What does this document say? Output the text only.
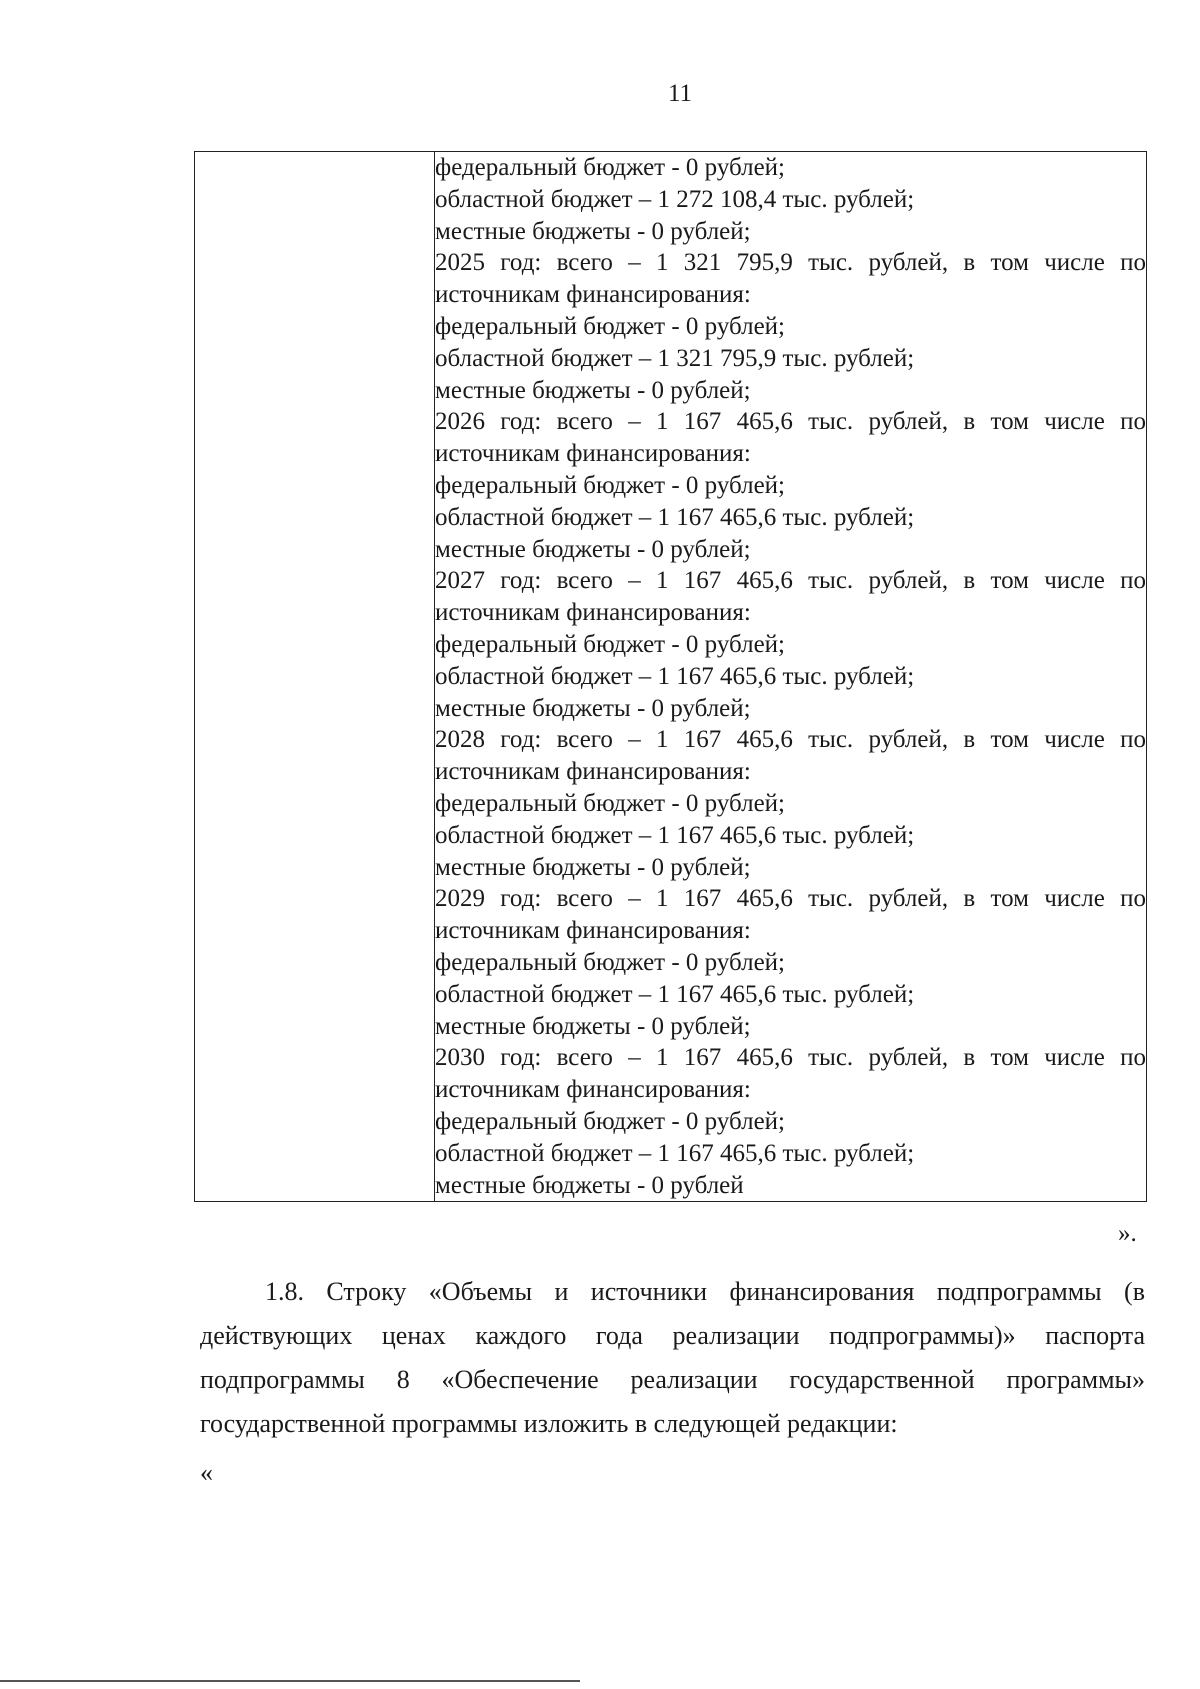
11

федеральный бюджет - 0 рублей;
областной бюджет – 1 272 108,4 тыс. рублей;
местные бюджеты - 0 рублей;
2025 год: всего – 1 321 795,9 тыс. рублей, в том числе по
источникам финансирования:
федеральный бюджет - 0 рублей;
областной бюджет – 1 321 795,9 тыс. рублей;
местные бюджеты - 0 рублей;
2026 год: всего – 1 167 465,6 тыс. рублей, в том числе по
источникам финансирования:
федеральный бюджет - 0 рублей;
областной бюджет – 1 167 465,6 тыс. рублей;
местные бюджеты - 0 рублей;
2027 год: всего – 1 167 465,6 тыс. рублей, в том числе по
источникам финансирования:
федеральный бюджет - 0 рублей;
областной бюджет – 1 167 465,6 тыс. рублей;
местные бюджеты - 0 рублей;
2028 год: всего – 1 167 465,6 тыс. рублей, в том числе по
источникам финансирования:
федеральный бюджет - 0 рублей;
областной бюджет – 1 167 465,6 тыс. рублей;
местные бюджеты - 0 рублей;
2029 год: всего – 1 167 465,6 тыс. рублей, в том числе по
источникам финансирования:
федеральный бюджет - 0 рублей;
областной бюджет – 1 167 465,6 тыс. рублей;
местные бюджеты - 0 рублей;
2030 год: всего – 1 167 465,6 тыс. рублей, в том числе по
источникам финансирования:
федеральный бюджет - 0 рублей;
областной бюджет – 1 167 465,6 тыс. рублей;
местные бюджеты - 0 рублей
».
1.8. Строку «Объемы и источники финансирования подпрограммы (в действующих ценах каждого года реализации подпрограммы)» паспорта подпрограммы 8 «Обеспечение реализации государственной программы» государственной программы изложить в следующей редакции:
«
